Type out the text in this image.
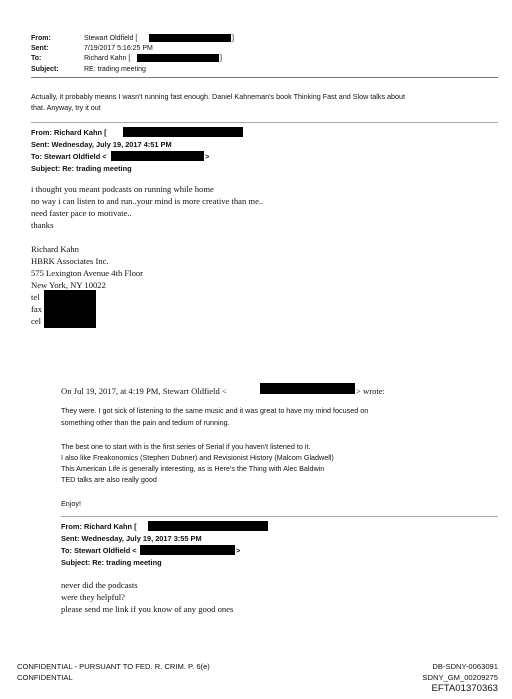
From:	Stewart Oldfield [	]
Sent:	7/19/2017 5:16:25 PM
To:	Richard Kahn [	]
Subject:	RE: trading meeting
Actually, it probably means I wasn't running fast enough. Daniel Kahneman's book Thinking Fast and Slow talks about
that. Anyway, try it out
From: Richard Kahn [
Sent: Wednesday, July 19, 2017 4:51 PM
To: Stewart Oldfield <	>
Subject: Re: trading meeting
i thought you meant podcasts on running while home
no way i can listen to and run..your mind is more creative than me..
need faster pace to motivate..
thanks
Richard Kahn
HBRK Associates Inc.
575 Lexington Avenue 4th Floor
New York, NY 10022
tel
fax
cel
On Jul 19, 2017, at 4:19 PM, Stewart Oldfield <	> wrote:
They were. I got sick of listening to the same music and it was great to have my mind focused on
something other than the pain and tedium of running.
The best one to start with is the first series of Serial if you haven't listened to it.
I also like Freakonomics (Stephen Dubner) and Revisionist History (Malcom Gladwell)
This American Life is generally interesting, as is Here's the Thing with Alec Baldwin
TED talks are also really good
Enjoy!
From: Richard Kahn [
Sent: Wednesday, July 19, 2017 3:55 PM
To: Stewart Oldfield <	>
Subject: Re: trading meeting
never did the podcasts
were they helpful?
please send me link if you know of any good ones
CONFIDENTIAL - PURSUANT TO FED. R. CRIM. P. 6(e)
CONFIDENTIAL
DB-SDNY-0063091
SDNY_GM_00209275
EFTA01370363
